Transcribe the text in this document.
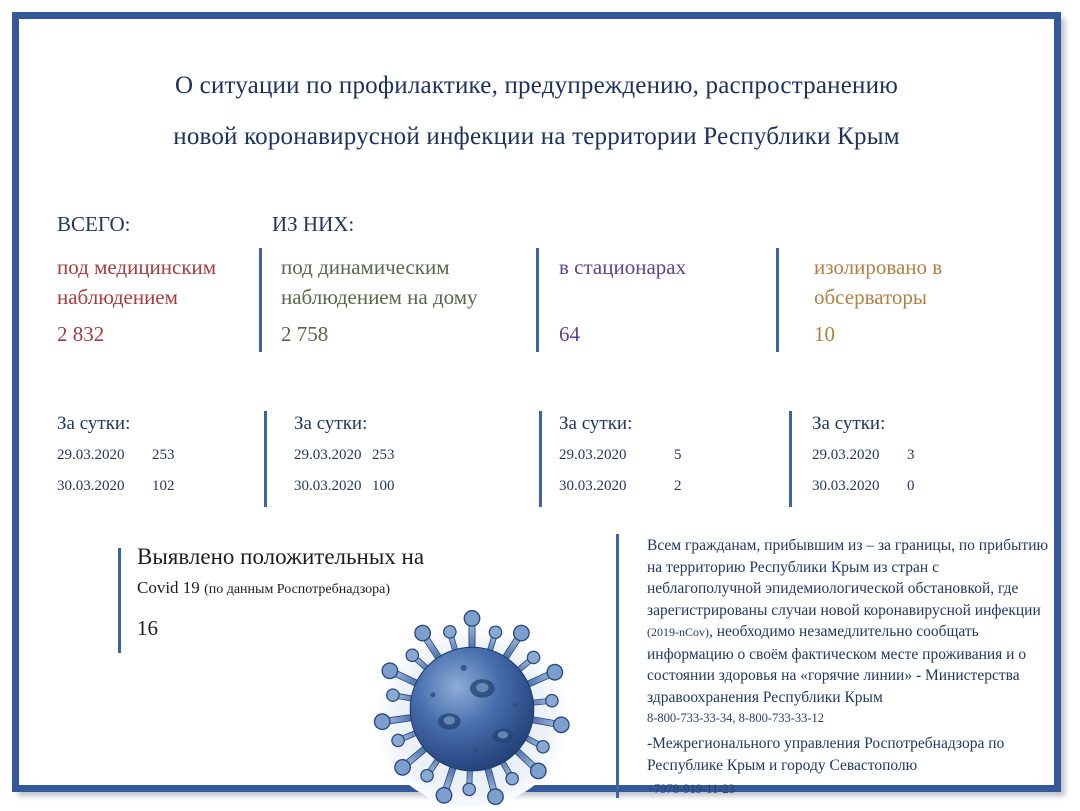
О ситуации по профилактике, предупреждению, распространению
новой коронавирусной инфекции на территории Республики Крым
ВСЕГО:	ИЗ НИХ:
под медицинским наблюдением
2 832
под динамическим наблюдением на дому
2 758
в стационарах
64
изолировано в обсерваторы
10
За сутки:
29.03.2020	253
30.03.2020	102
За сутки:
29.03.2020 253
30.03.2020 100
За сутки:
29.03.2020	5
30.03.2020	2
За сутки:
29.03.2020	3
30.03.2020	0
Выявлено положительных на
Covid 19 (по данным Роспотребнадзора)
16
Всем гражданам, прибывшим из – за границы, по прибытию на территорию Республики Крым из стран с неблагополучной эпидемиологической обстановкой, где зарегистрированы случаи новой коронавирусной инфекции (2019-nCov), необходимо незамедлительно сообщать информацию о своём фактическом месте проживания и о состоянии здоровья на «горячие линии» - Министерства здравоохранения Республики Крым
8-800-733-33-34, 8-800-733-33-12
-Межрегионального управления Роспотребнадзора по Республике Крым и городу Севастополю
+7978-919-11-23
